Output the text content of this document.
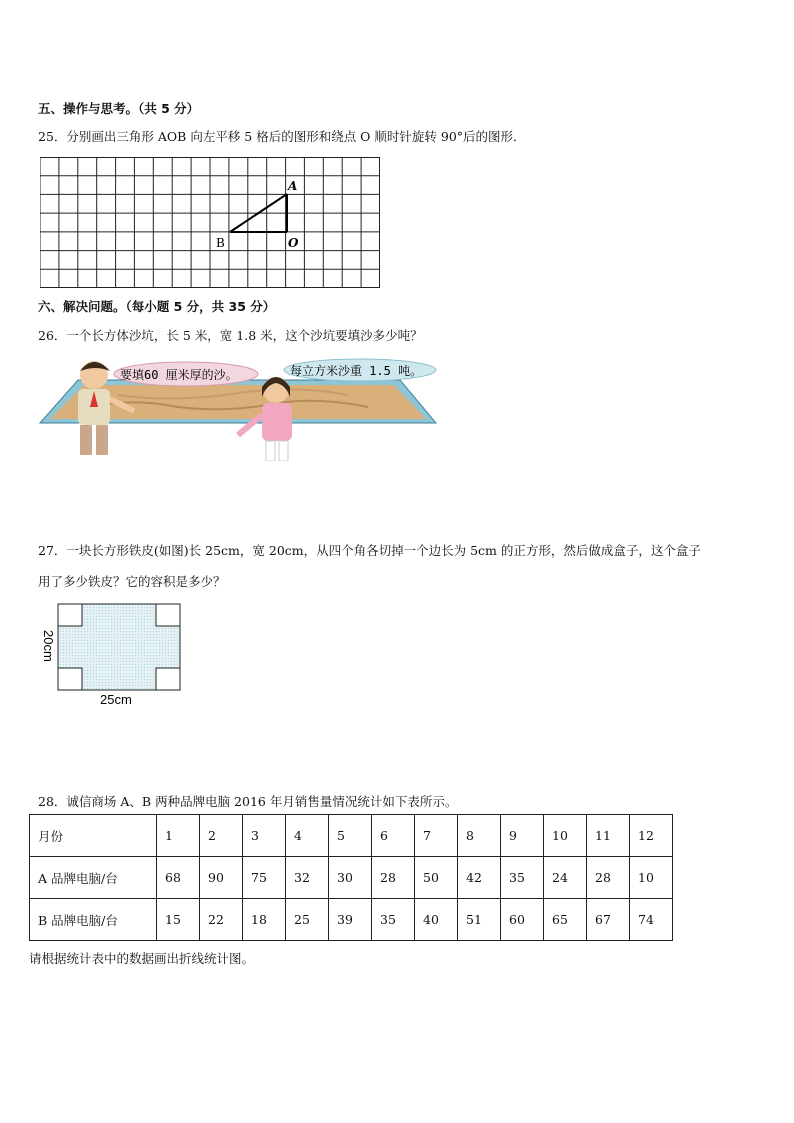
五、操作与思考。（共 5 分）
25．分别画出三角形 AOB 向左平移 5 格后的图形和绕点 O 顺时针旋转 90°后的图形．
A
B	O
六、解决问题。（每小题 5 分，共 35 分）
26．一个长方体沙坑，长 5 米，宽 1.8 米，这个沙坑要填沙多少吨？
要填60 厘米厚的沙。	每立方米沙重 1.5 吨。
27．一块长方形铁皮(如图)长 25cm，宽 20cm，从四个角各切掉一个边长为 5cm 的正方形，然后做成盒子，这个盒子
用了多少铁皮？它的容积是多少？
25cm
20cm
28．诚信商场 A、B 两种品牌电脑 2016 年月销售量情况统计如下表所示。
月份	1	2	3	4	5	6	7	8	9	10	11	12
A 品牌电脑/台	68	90	75	32	30	28	50	42	35	24	28	10
B 品牌电脑/台	15	22	18	25	39	35	40	51	60	65	67	74
请根据统计表中的数据画出折线统计图。
